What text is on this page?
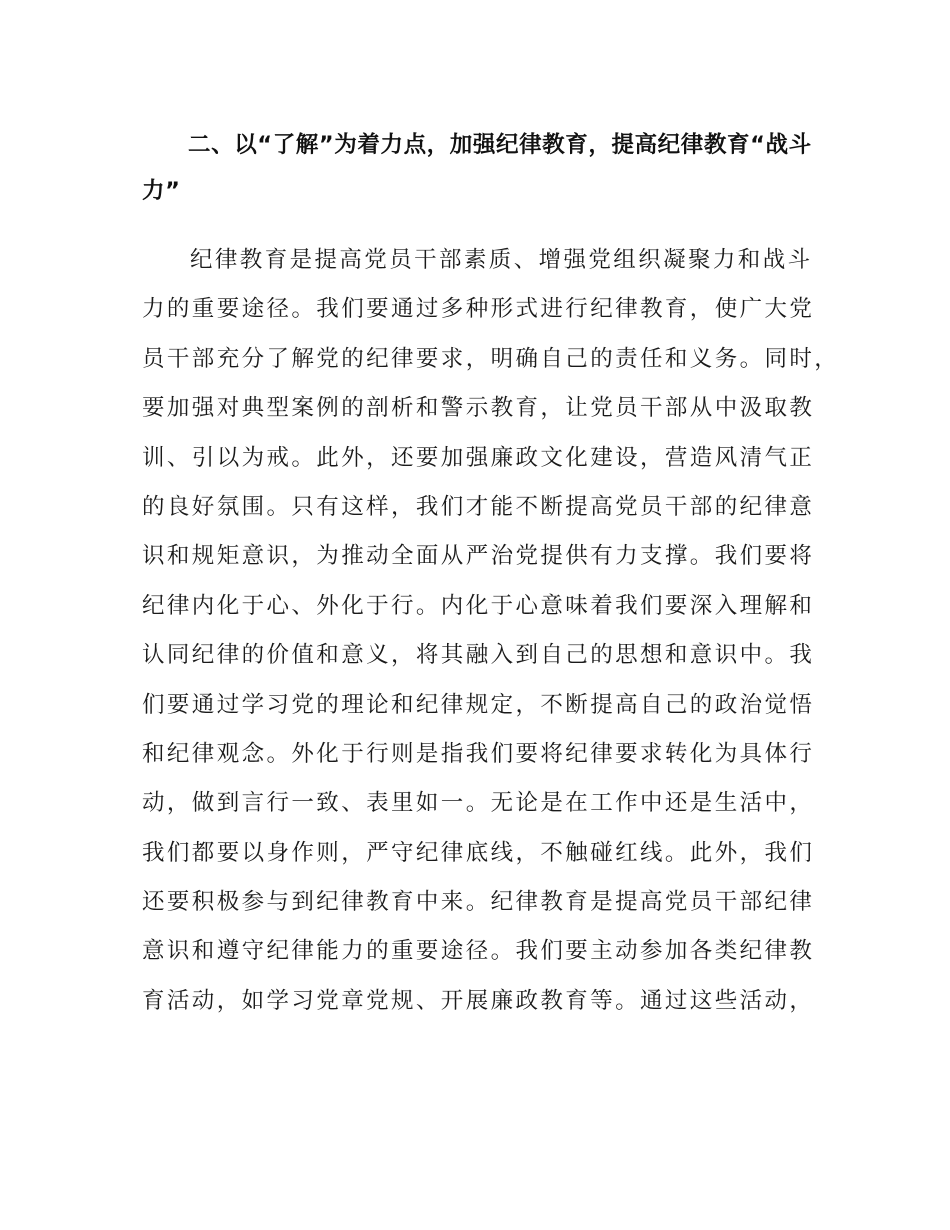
二、以“了解”为着力点，加强纪律教育，提高纪律教育“战斗力”
纪律教育是提高党员干部素质、增强党组织凝聚力和战斗
力的重要途径。我们要通过多种形式进行纪律教育，使广大党
员干部充分了解党的纪律要求，明确自己的责任和义务。同时，
要加强对典型案例的剖析和警示教育，让党员干部从中汲取教
训、引以为戒。此外，还要加强廉政文化建设，营造风清气正
的良好氛围。只有这样，我们才能不断提高党员干部的纪律意
识和规矩意识，为推动全面从严治党提供有力支撑。我们要将
纪律内化于心、外化于行。内化于心意味着我们要深入理解和
认同纪律的价值和意义，将其融入到自己的思想和意识中。我
们要通过学习党的理论和纪律规定，不断提高自己的政治觉悟
和纪律观念。外化于行则是指我们要将纪律要求转化为具体行
动，做到言行一致、表里如一。无论是在工作中还是生活中，
我们都要以身作则，严守纪律底线，不触碰红线。此外，我们
还要积极参与到纪律教育中来。纪律教育是提高党员干部纪律
意识和遵守纪律能力的重要途径。我们要主动参加各类纪律教
育活动，如学习党章党规、开展廉政教育等。通过这些活动，
